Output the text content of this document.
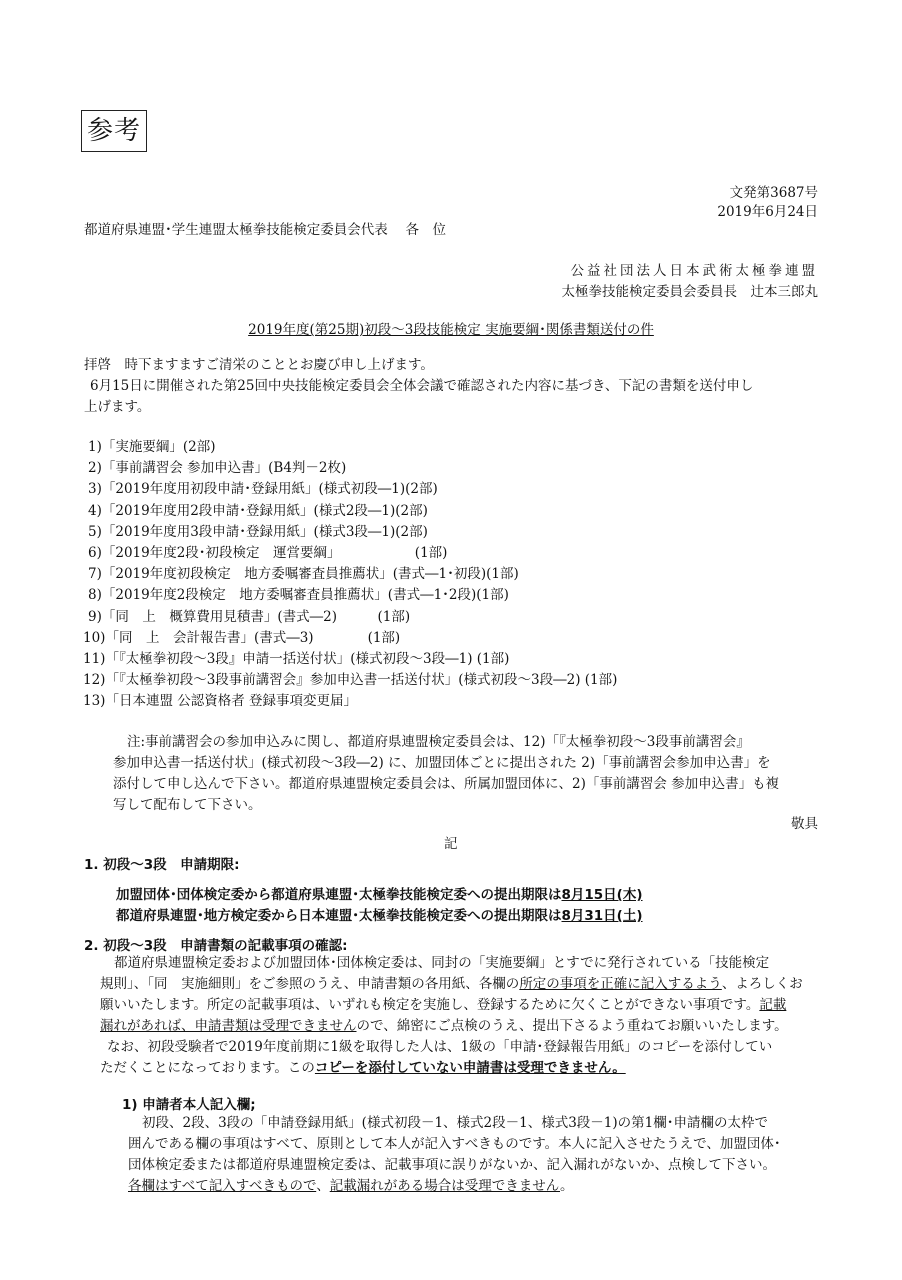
参考
文発第3687号
2019年6月24日
都道府県連盟･学生連盟太極拳技能検定委員会代表　 各　位
公益社団法人日本武術太極拳連盟
太極拳技能検定委員会委員長　辻本三郎丸
2019年度(第25期)初段～3段技能検定 実施要綱･関係書類送付の件
拝啓　時下ますますご清栄のこととお慶び申し上げます。
6月15日に開催された第25回中央技能検定委員会全体会議で確認された内容に基づき、下記の書類を送付申し
上げます。
1)「実施要綱」(2部)
2)「事前講習会 参加申込書」(B4判－2枚)
3)「2019年度用初段申請･登録用紙」(様式初段―1)(2部)
4)「2019年度用2段申請･登録用紙」(様式2段―1)(2部)
5)「2019年度用3段申請･登録用紙」(様式3段―1)(2部)
6)「2019年度2段･初段検定　運営要綱」　　　　　　(1部)
7)「2019年度初段検定　地方委嘱審査員推薦状」(書式―1･初段)(1部)
8)「2019年度2段検定　地方委嘱審査員推薦状」(書式―1･2段)(1部)
9)「同　上　概算費用見積書」(書式―2)　　　(1部)
10)「同　上　会計報告書」(書式―3)　　　　(1部)
11)「『太極拳初段～3段』申請一括送付状」(様式初段～3段―1) (1部)
12)「『太極拳初段～3段事前講習会』参加申込書一括送付状」(様式初段～3段―2) (1部)
13)「日本連盟 公認資格者 登録事項変更届」
注:事前講習会の参加申込みに関し、都道府県連盟検定委員会は、12)「『太極拳初段～3段事前講習会』
参加申込書一括送付状」(様式初段～3段―2) に、加盟団体ごとに提出された 2)「事前講習会参加申込書」を
添付して申し込んで下さい。都道府県連盟検定委員会は、所属加盟団体に、2)「事前講習会 参加申込書」も複
写して配布して下さい。
敬具
記
1. 初段～3段　申請期限:
加盟団体･団体検定委から都道府県連盟･太極拳技能検定委への提出期限は8月15日(木)
都道府県連盟･地方検定委から日本連盟･太極拳技能検定委への提出期限は8月31日(土)
2. 初段～3段　申請書類の記載事項の確認:
都道府県連盟検定委および加盟団体･団体検定委は、同封の「実施要綱」とすでに発行されている「技能検定
規則」、「同　実施細則」をご参照のうえ、申請書類の各用紙、各欄の所定の事項を正確に記入するよう、よろしくお
願いいたします。所定の記載事項は、いずれも検定を実施し、登録するために欠くことができない事項です。記載
漏れがあれば、申請書類は受理できませんので、綿密にご点検のうえ、提出下さるよう重ねてお願いいたします。
なお、初段受験者で2019年度前期に1級を取得した人は、1級の「申請･登録報告用紙」のコピーを添付してい
ただくことになっております。このコピーを添付していない申請書は受理できません。
1) 申請者本人記入欄;
初段、2段、3段の「申請登録用紙」(様式初段－1、様式2段－1、様式3段－1)の第1欄･申請欄の太枠で
囲んである欄の事項はすべて、原則として本人が記入すべきものです。本人に記入させたうえで、加盟団体･
団体検定委または都道府県連盟検定委は、記載事項に誤りがないか、記入漏れがないか、点検して下さい。
各欄はすべて記入すべきもので、記載漏れがある場合は受理できません。
